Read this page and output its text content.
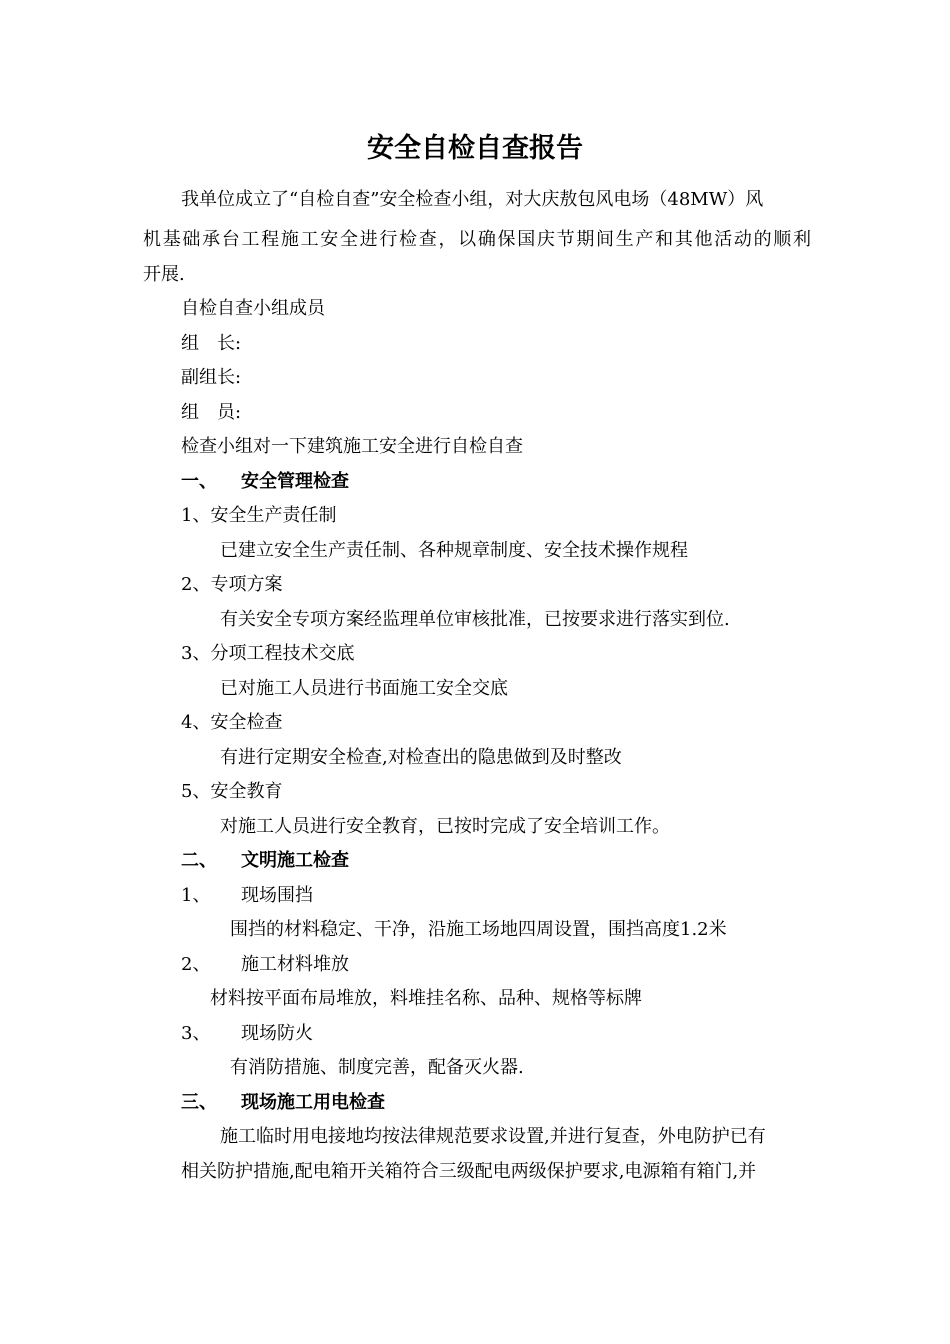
安全自检自查报告
我单位成立了“自检自查”安全检查小组，对大庆敖包风电场（48MW）风
机基础承台工程施工安全进行检查，以确保国庆节期间生产和其他活动的顺利
开展.
自检自查小组成员
组　长:
副组长:
组　员:
检查小组对一下建筑施工安全进行自检自查
一、 安全管理检查
1、安全生产责任制
已建立安全生产责任制、各种规章制度、安全技术操作规程
2、专项方案
有关安全专项方案经监理单位审核批准，已按要求进行落实到位.
3、分项工程技术交底
已对施工人员进行书面施工安全交底
4、安全检查
有进行定期安全检查,对检查出的隐患做到及时整改
5、安全教育
对施工人员进行安全教育，已按时完成了安全培训工作。
二、 文明施工检查
1、 现场围挡
围挡的材料稳定、干净，沿施工场地四周设置，围挡高度1.2米
2、 施工材料堆放
材料按平面布局堆放，料堆挂名称、品种、规格等标牌
3、 现场防火
有消防措施、制度完善，配备灭火器.
三、 现场施工用电检查
施工临时用电接地均按法律规范要求设置,并进行复查，外电防护已有
相关防护措施,配电箱开关箱符合三级配电两级保护要求,电源箱有箱门,并
